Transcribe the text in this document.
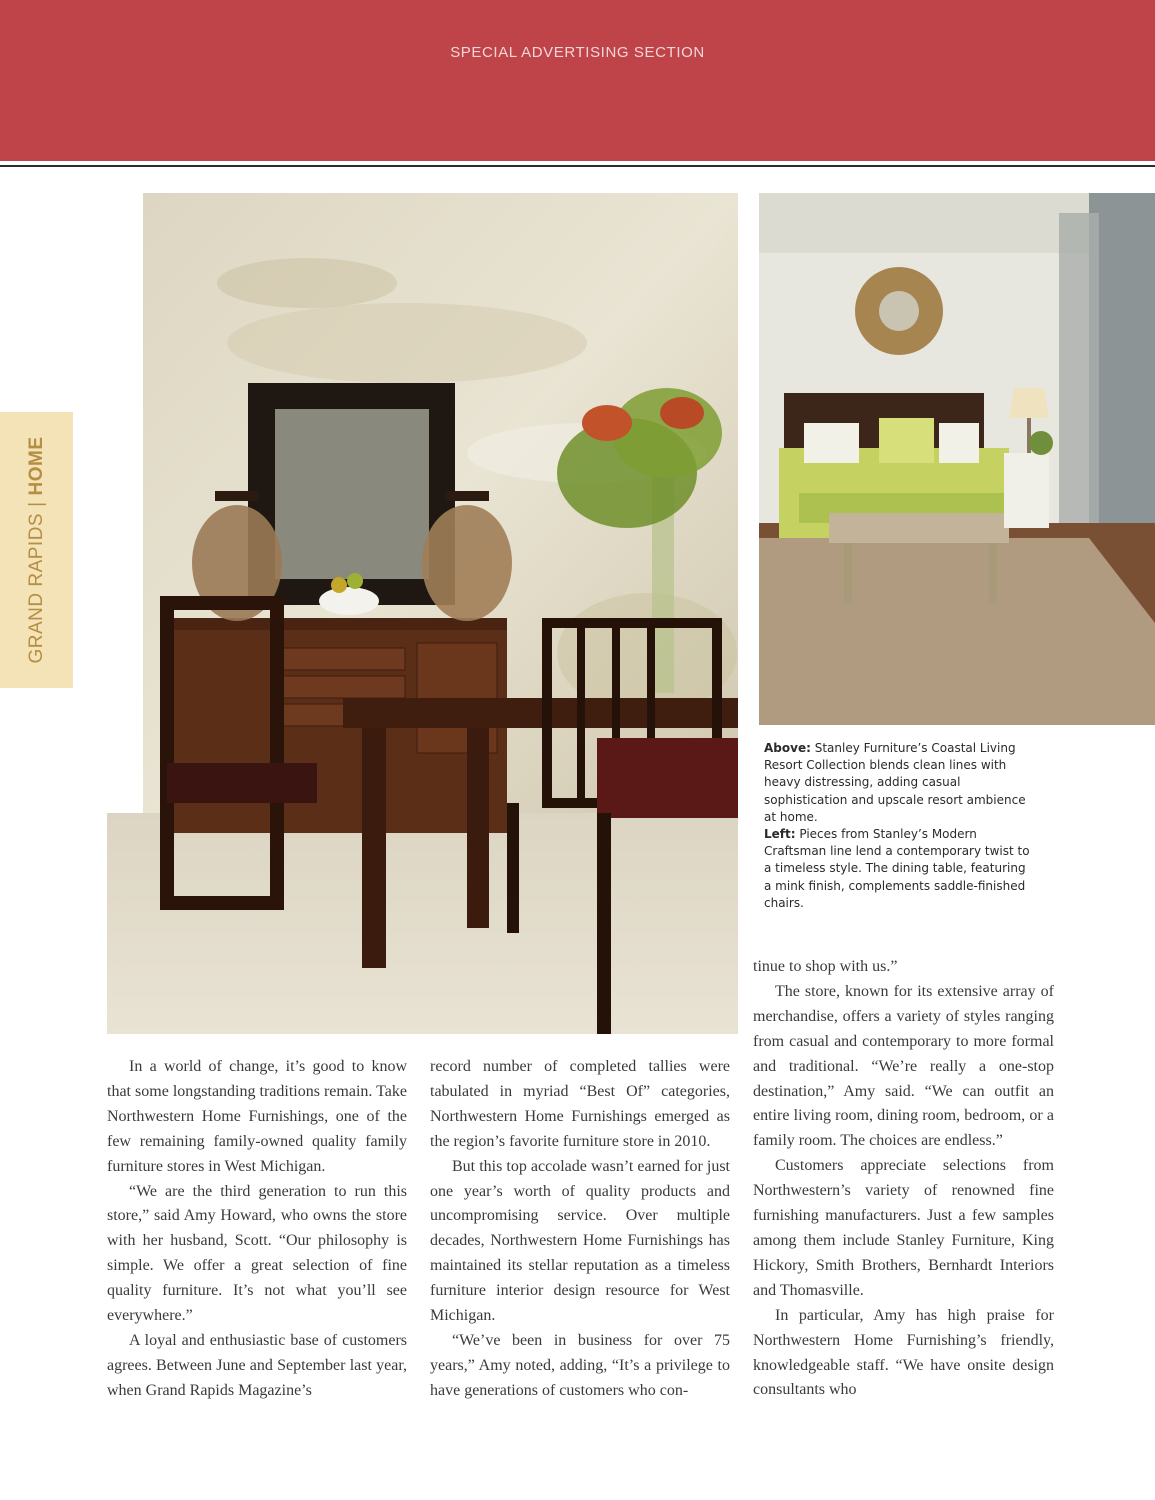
SPECIAL ADVERTISING SECTION
GRAND RAPIDS|HOME
Above: Stanley Furniture’s Coastal Living Resort Collection blends clean lines with heavy distressing, adding casual sophistication and upscale resort ambience at home.
Left: Pieces from Stanley’s Modern Craftsman line lend a contemporary twist to a timeless style. The dining table, featuring a mink finish, complements saddle-finished chairs.

In a world of change, it’s good to know that some longstanding traditions remain. Take Northwestern Home Furnishings, one of the few remaining family-owned quality family furniture stores in West Michigan.

“We are the third generation to run this store,” said Amy Howard, who owns the store with her husband, Scott. “Our philosophy is simple. We offer a great selection of fine quality furniture. It’s not what you’ll see everywhere.”

A loyal and enthusiastic base of customers agrees. Between June and September last year, when Grand Rapids Magazine’s

record number of completed tallies were tabulated in myriad “Best Of” categories, Northwestern Home Furnishings emerged as the region’s favorite furniture store in 2010.

But this top accolade wasn’t earned for just one year’s worth of quality products and uncompromising service. Over multiple decades, Northwestern Home Furnishings has maintained its stellar reputation as a timeless furniture interior design resource for West Michigan.

“We’ve been in business for over 75 years,” Amy noted, adding, “It’s a privilege to have generations of customers who con-

tinue to shop with us.”

The store, known for its extensive array of merchandise, offers a variety of styles ranging from casual and contemporary to more formal and traditional. “We’re really a one-stop destination,” Amy said. “We can outfit an entire living room, dining room, bedroom, or a family room. The choices are endless.”

Customers appreciate selections from Northwestern’s variety of renowned fine furnishing manufacturers. Just a few samples among them include Stanley Furniture, King Hickory, Smith Brothers, Bernhardt Interiors and Thomasville.

In particular, Amy has high praise for Northwestern Home Furnishing’s friendly, knowledgeable staff. “We have onsite design consultants who
